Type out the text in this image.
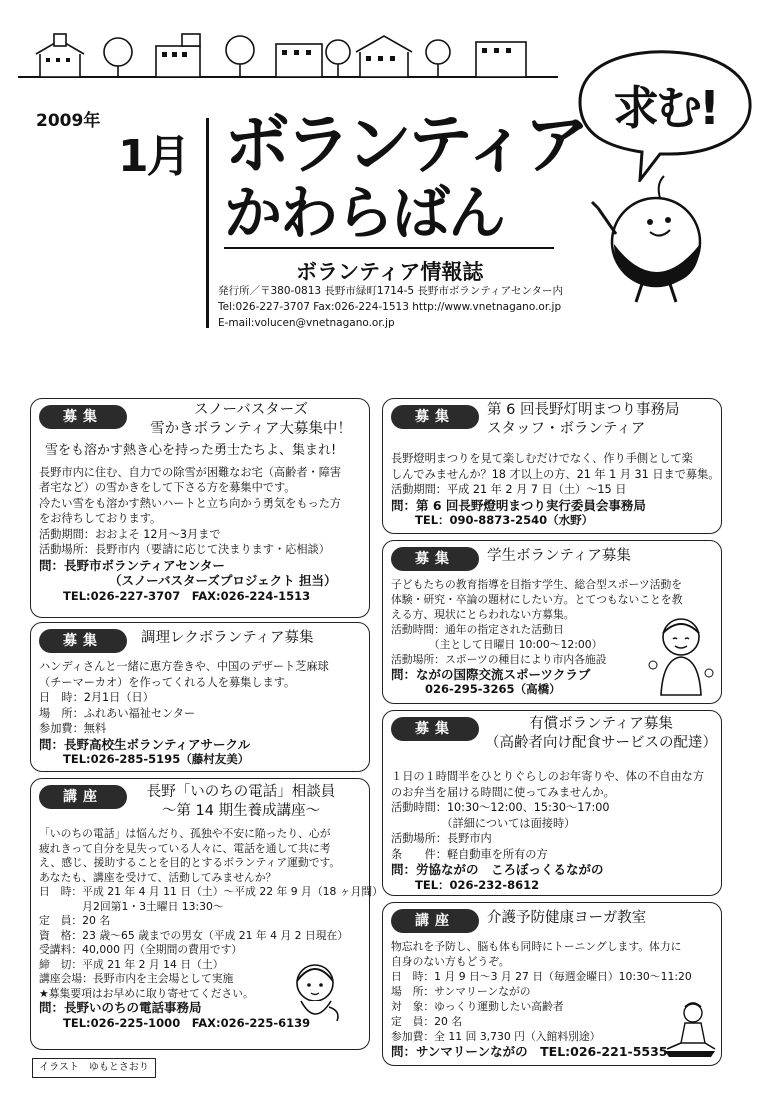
2009年
1月 ボランティア
かわらばん
ボランティア情報誌
発行所／〒380-0813 長野市緑町1714-5 長野市ボランティアセンター内
Tel:026-227-3707 Fax:026-224-1513 http://www.vnetnagano.or.jp
E-mail:volucen@vnetnagano.or.jp
求む!
募集	スノーバスターズ
雪かきボランティア大募集中！
雪をも溶かす熱き心を持った勇士たちよ、集まれ!
長野市内に住む、自力での除雪が困難なお宅（高齢者・障害
者宅など）の雪かきをして下さる方を募集中です。
冷たい雪をも溶かす熱いハートと立ち向かう勇気をもった方
をお待ちしております。
活動期間：おおよそ 12月～3月まで
活動場所：長野市内（要請に応じて決まります・応相談）
問：長野市ボランティアセンター
（スノーバスターズプロジェクト 担当）
TEL:026-227-3707　FAX:026-224-1513
募集	調理レクボランティア募集
ハンディさんと一緒に恵方巻きや、中国のデザート芝麻球
（チーマーカオ）を作ってくれる人を募集します。
日　時：2月1日（日）
場　所：ふれあい福祉センター
参加費：無料
問：長野高校生ボランティアサークル
TEL:026-285-5195（藤村友美）
講座	長野「いのちの電話」相談員
～第 14 期生養成講座～
「いのちの電話」は悩んだり、孤独や不安に陥ったり、心が
疲れきって自分を見失っている人々に、電話を通して共に考
え、感じ、援助することを目的とするボランティア運動です。
あなたも、講座を受けて、活動してみませんか？
日　時：平成 21 年 4 月 11 日（土）～平成 22 年 9 月（18 ヶ月間）
　　　　月2回第1・3土曜日 13:30～
定　員：20 名
資　格：23 歳～65 歳までの男女（平成 21 年 4 月 2 日現在）
受講料：40,000 円（全期間の費用です）
締　切：平成 21 年 2 月 14 日（土）
講座会場：長野市内を主会場として実施
★募集要項はお早めに取り寄せてください。
問：長野いのちの電話事務局
TEL:026-225-1000　FAX:026-225-6139
募集	第 6 回長野灯明まつり事務局
スタッフ・ボランティア
長野燈明まつりを見て楽しむだけでなく、作り手側として楽
しんでみませんか？18 才以上の方、21 年 1 月 31 日まで募集。
活動期間：平成 21 年 2 月 7 日（土）～15 日
問：第 6 回長野燈明まつり実行委員会事務局
TEL：090-8873-2540（水野）
募集	学生ボランティア募集
子どもたちの教育指導を目指す学生、総合型スポーツ活動を
体験・研究・卒論の題材にしたい方。とてつもないことを教
える方、現状にとらわれない方募集。
活動時間：通年の指定された活動日
　　　　（主として日曜日 10:00～12:00）
活動場所：スポーツの種目により市内各施設
問：ながの国際交流スポーツクラブ
026-295-3265（高橋）
募集	有償ボランティア募集
（高齢者向け配食サービスの配達）
１日の１時間半をひとりぐらしのお年寄りや、体の不自由な方
のお弁当を届ける時間に使ってみませんか。
活動時間：10:30～12:00、15:30～17:00
　　　　　（詳細については面接時）
活動場所：長野市内
条　　件：軽自動車を所有の方
問：労協ながの　ころぼっくるながの
TEL：026-232-8612
講座	介護予防健康ヨーガ教室
物忘れを予防し、脳も体も同時にトーニングします。体力に
自身のない方もどうぞ。
日　時：1 月 9 日～3 月 27 日（毎週金曜日）10:30～11:20
場　所：サンマリーンながの
対　象：ゆっくり運動したい高齢者
定　員：20 名
参加費：全 11 回 3,730 円（入館料別途）
問：サンマリーンながの　TEL:026-221-5535
イラスト　ゆもとさおり
